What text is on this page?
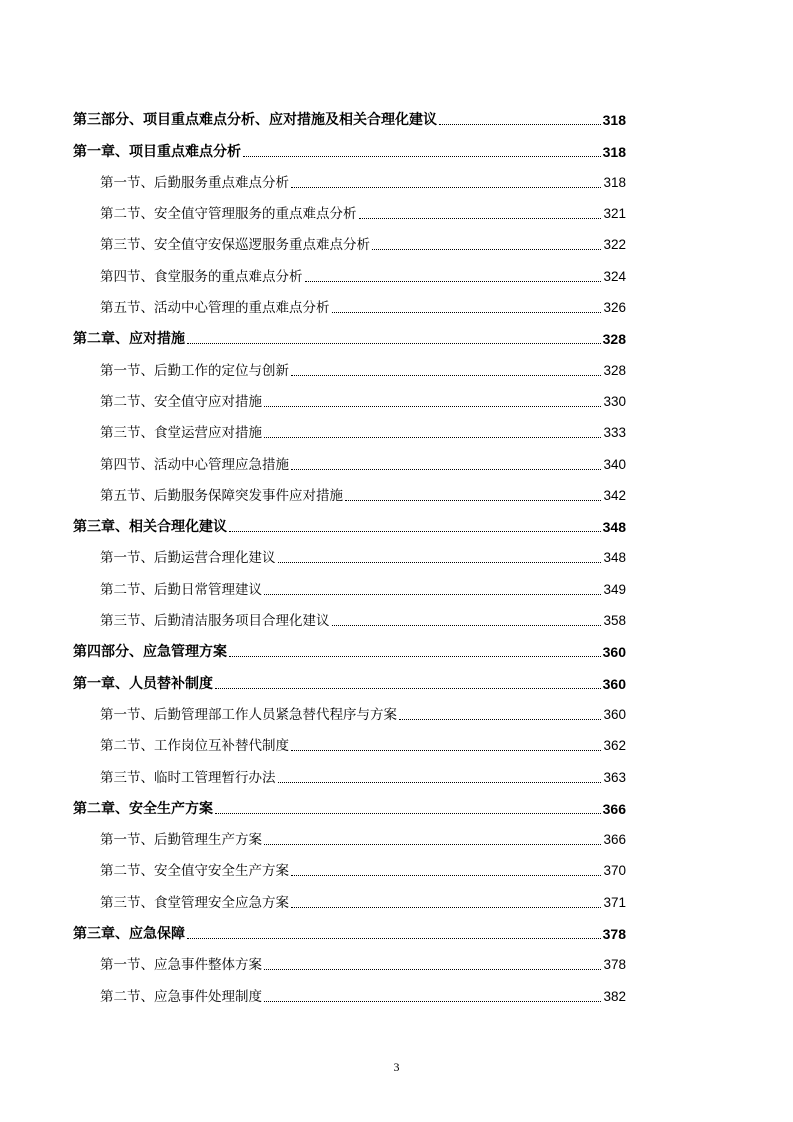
第三部分、项目重点难点分析、应对措施及相关合理化建议	318
第一章、项目重点难点分析	318
第一节、后勤服务重点难点分析	318
第二节、安全值守管理服务的重点难点分析	321
第三节、安全值守安保巡逻服务重点难点分析	322
第四节、食堂服务的重点难点分析	324
第五节、活动中心管理的重点难点分析	326
第二章、应对措施	328
第一节、后勤工作的定位与创新	328
第二节、安全值守应对措施	330
第三节、食堂运营应对措施	333
第四节、活动中心管理应急措施	340
第五节、后勤服务保障突发事件应对措施	342
第三章、相关合理化建议	348
第一节、后勤运营合理化建议	348
第二节、后勤日常管理建议	349
第三节、后勤清洁服务项目合理化建议	358
第四部分、应急管理方案	360
第一章、人员替补制度	360
第一节、后勤管理部工作人员紧急替代程序与方案	360
第二节、工作岗位互补替代制度	362
第三节、临时工管理暂行办法	363
第二章、安全生产方案	366
第一节、后勤管理生产方案	366
第二节、安全值守安全生产方案	370
第三节、食堂管理安全应急方案	371
第三章、应急保障	378
第一节、应急事件整体方案	378
第二节、应急事件处理制度	382
3
